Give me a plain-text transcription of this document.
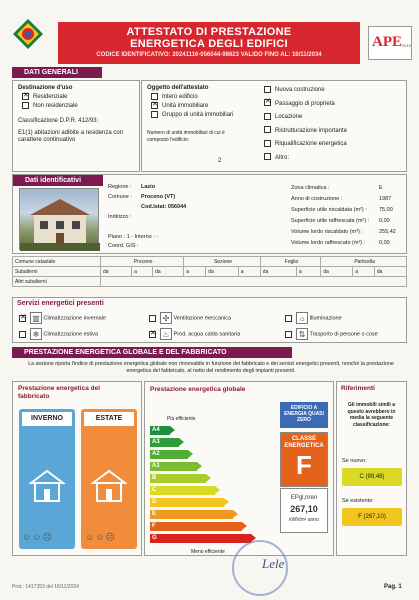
ATTESTATO DI PRESTAZIONE
ENERGETICA DEGLI EDIFICI
CODICE IDENTIFICATIVO: 20241116-056044-98623 VALIDO FINO AL: 16/11/2034
APE 2015
DATI GENERALI
Destinazione d'uso
✕Residenziale
Non residenziale
Classificazione D.P.R. 412/93:
E1(1) abitazioni adibite a residenza con carattere continuativo
Oggetto dell'attestato
Intero edificio
✕Unità immobiliare
Gruppo di unità immobiliari
Numero di unità immobiliari di cui è composto l'edificio:
2
Nuova costruzione
✕Passaggio di proprietà
Locazione
Ristrutturazione importante
Riqualificazione energetica
Altro:
Dati identificativi
Regione : Lazio
Comune : Proceno (VT)
Cod.Istat: 056044
Indirizzo :
Piano : 1 - Interno : -
Coord. GIS :
Zona climatica :	E
Anno di costruzione :	1987
Superficie utile riscaldata (m²) : 75,00
Superficie utile raffrescata (m²) : 0,00
Volume lordo riscaldato (m³) :	255,42
Volume lordo raffrescato (m³) :	0,00
Comune catastale	Proceno			Sezione			Foglio		Particella		
Subalterni	da	a	da	a	da	a	da	a	da	a	da
Altri subalterni											
Servizi energetici presenti
✕▥ Climatizzazione invernale	✣ Ventilazione meccanica	☼ Illuminazione
❄ Climatizzazione estiva ✕	♨ Prod. acqua calda sanitaria	⇅ Trasporto di persone o cose
PRESTAZIONE ENERGETICA GLOBALE E DEL FABBRICATO
La sezione riporta l'indice di prestazione energetica globale non rinnovabile in funzione del fabbricato e dei servizi energetici presenti, nonché la prestazione energetica del fabbricato, al netto del rendimento degli impianti presenti.
Prestazione energetica del fabbricato
INVERNO	ESTATE
☺☺☹	☺☺☹
Prestazione energetica globale
Più efficiente
Meno efficiente
A4
A3
A2
A1
B
C
D
E
F
G
EDIFICIO A ENERGIA QUASI ZERO
CLASSE ENERGETICA
F
EPgl,nren
267,10
kWh/m² anno
Riferimenti
Gli immobili simili a questo avrebbero in media la seguente classificazione:
Se nuovo:
C (99,48)
Se esistente:
F (267,10)
Lele
Prot.: 1417353 del 16/11/2024	Pag. 1
